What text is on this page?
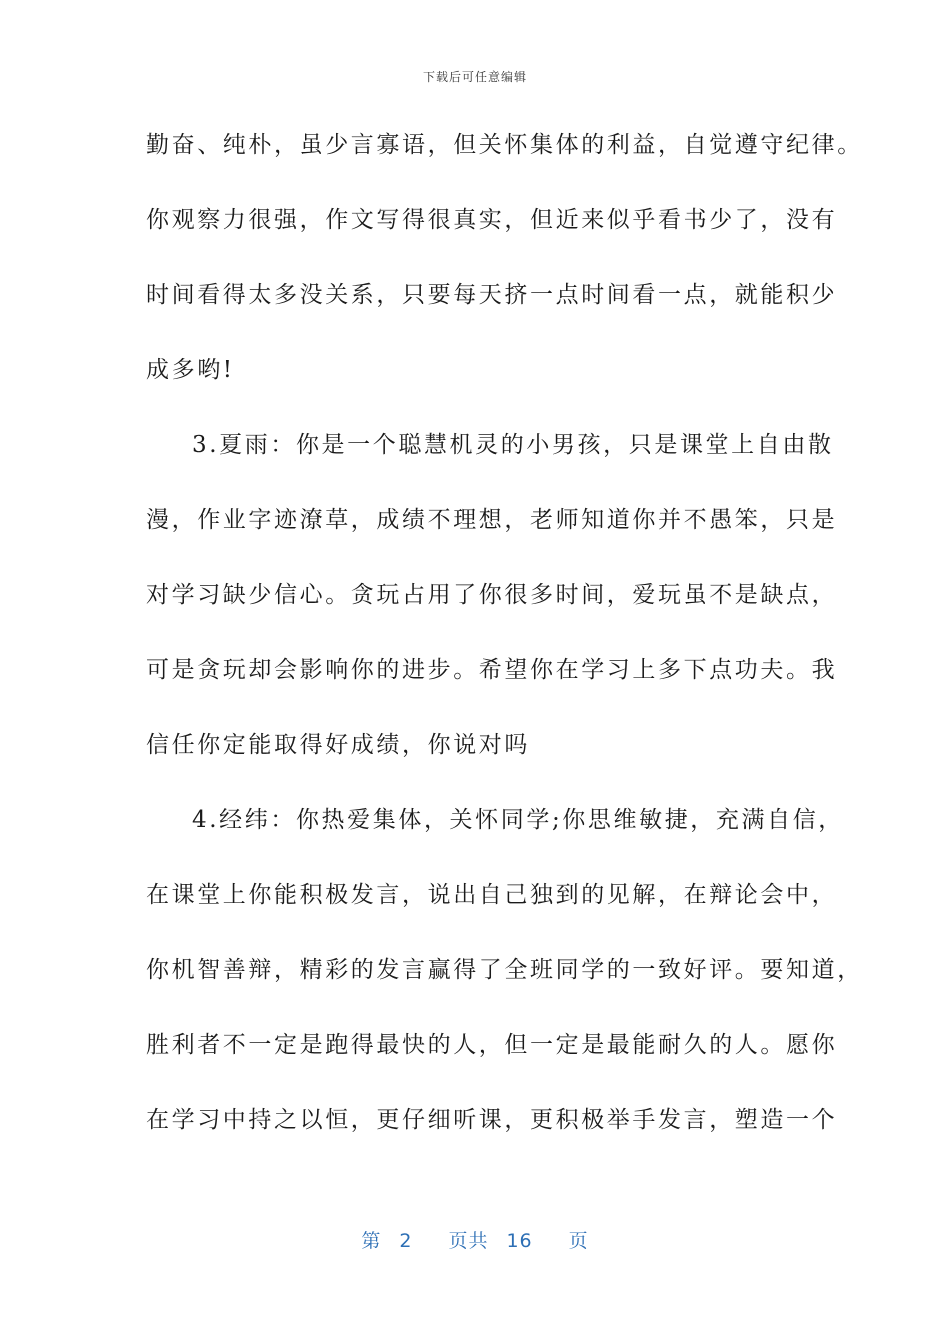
下载后可任意编辑
勤奋、纯朴，虽少言寡语，但关怀集体的利益，自觉遵守纪律。
你观察力很强，作文写得很真实，但近来似乎看书少了，没有
时间看得太多没关系，只要每天挤一点时间看一点，就能积少
成多哟!
3.夏雨：你是一个聪慧机灵的小男孩，只是课堂上自由散
漫，作业字迹潦草，成绩不理想，老师知道你并不愚笨，只是
对学习缺少信心。贪玩占用了你很多时间，爱玩虽不是缺点，
可是贪玩却会影响你的进步。希望你在学习上多下点功夫。我
信任你定能取得好成绩，你说对吗
4.经纬：你热爱集体，关怀同学;你思维敏捷，充满自信，
在课堂上你能积极发言，说出自己独到的见解，在辩论会中，
你机智善辩，精彩的发言赢得了全班同学的一致好评。要知道，
胜利者不一定是跑得最快的人，但一定是最能耐久的人。愿你
在学习中持之以恒，更仔细听课，更积极举手发言，塑造一个
第 2 页共 16 页
